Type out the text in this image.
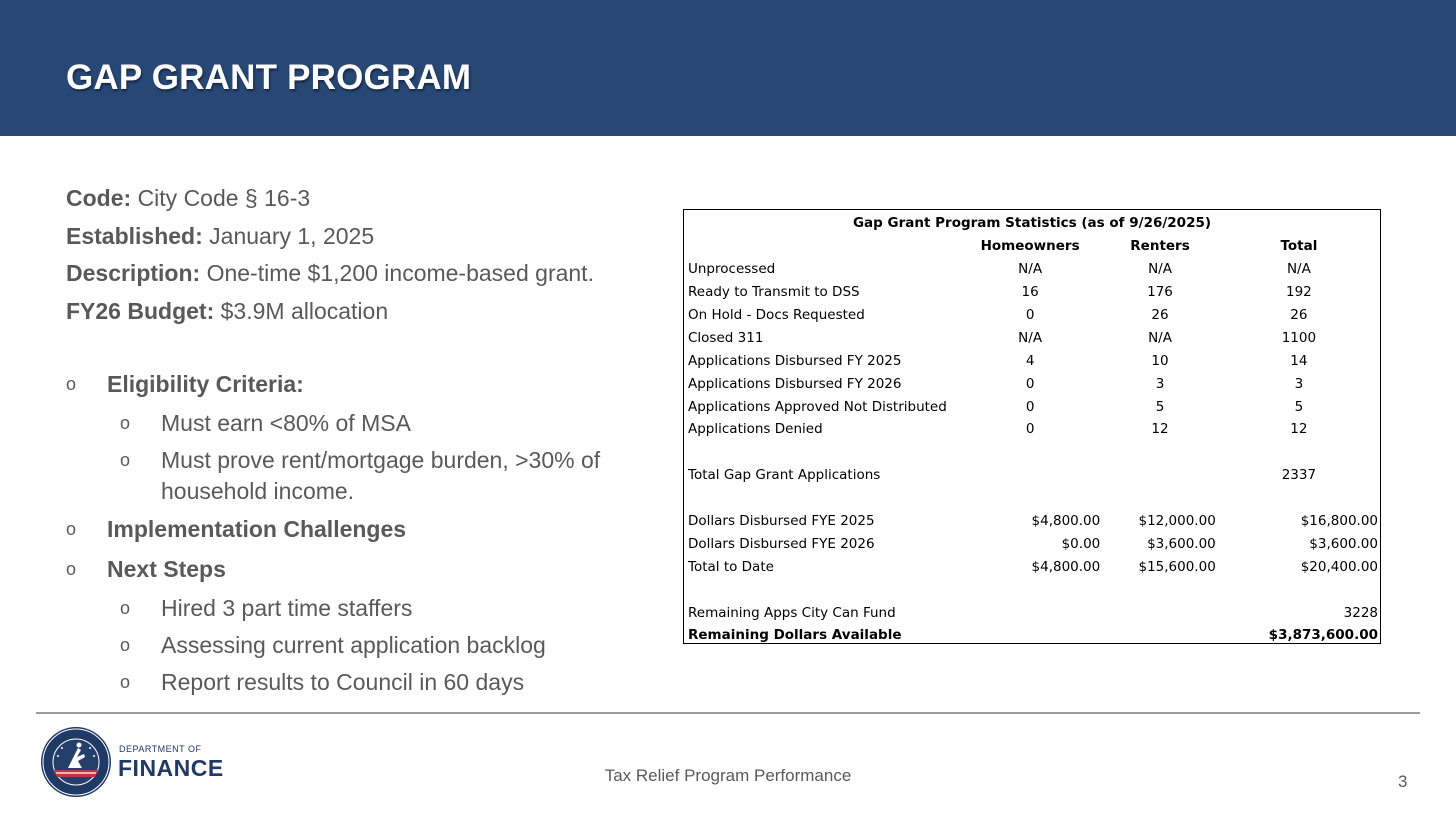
GAP GRANT PROGRAM
Code: City Code § 16-3
Established: January 1, 2025
Description: One-time $1,200 income-based grant.
FY26 Budget: $3.9M allocation
o Eligibility Criteria:
o Must earn <80% of MSA
o Must prove rent/mortgage burden, >30% of household income.
o Implementation Challenges
o Next Steps
o Hired 3 part time staffers
o Assessing current application backlog
o Report results to Council in 60 days
Gap Grant Program Statistics (as of 9/26/2025)			
	Homeowners	Renters	Total
Unprocessed	N/A	N/A	N/A
Ready to Transmit to DSS	16	176	192
On Hold - Docs Requested	0	26	26
Closed 311	N/A	N/A	1100
Applications Disbursed FY 2025	4	10	14
Applications Disbursed FY 2026	0	3	3
Applications Approved Not Distributed	0	5	5
Applications Denied	0	12	12

Total Gap Grant Applications			2337

Dollars Disbursed FYE 2025	$4,800.00	$12,000.00	$16,800.00
Dollars Disbursed FYE 2026	$0.00	$3,600.00	$3,600.00
Total to Date	$4,800.00	$15,600.00	$20,400.00

Remaining Apps City Can Fund			3228
Remaining Dollars Available			$3,873,600.00
DEPARTMENT OF
FINANCE	Tax Relief Program Performance	3
